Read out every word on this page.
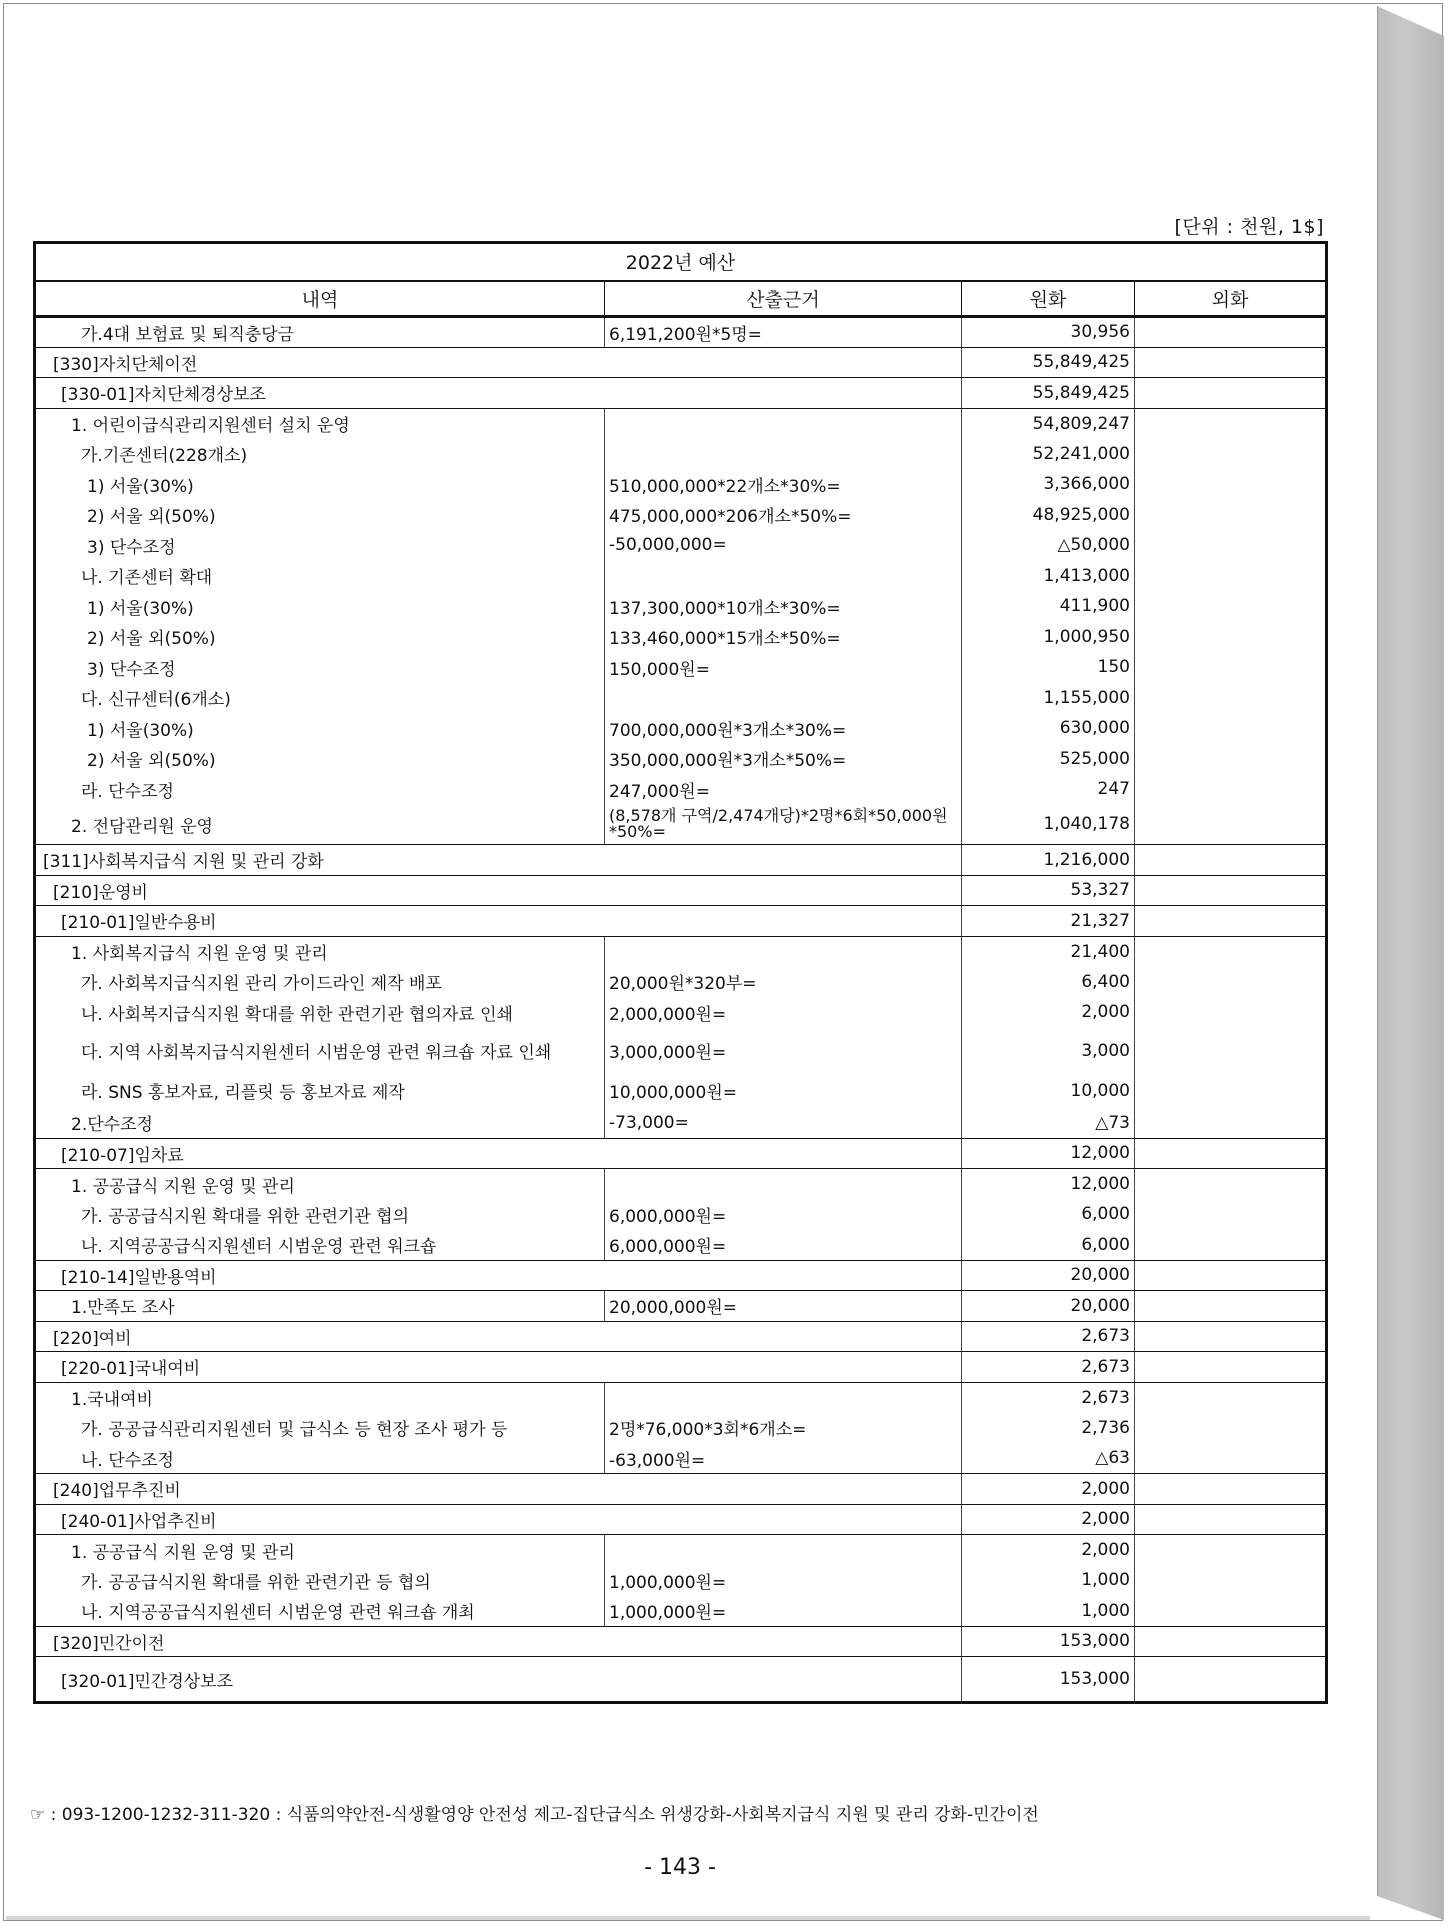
[단위 : 천원, 1$]
2022년 예산			
내역	산출근거	원화	외화
가.4대 보험료 및 퇴직충당금	6,191,200원*5명=	30,956	
[330]자치단체이전		55,849,425	
[330-01]자치단체경상보조		55,849,425	
1. 어린이급식관리지원센터 설치 운영		54,809,247	
가.기존센터(228개소)		52,241,000	
1) 서울(30%)	510,000,000*22개소*30%=	3,366,000	
2) 서울 외(50%)	475,000,000*206개소*50%=	48,925,000	
3) 단수조정	-50,000,000=	△50,000	
나. 기존센터 확대		1,413,000	
1) 서울(30%)	137,300,000*10개소*30%=	411,900	
2) 서울 외(50%)	133,460,000*15개소*50%=	1,000,950	
3) 단수조정	150,000원=	150	
다. 신규센터(6개소)		1,155,000	
1) 서울(30%)	700,000,000원*3개소*30%=	630,000	
2) 서울 외(50%)	350,000,000원*3개소*50%=	525,000	
라. 단수조정	247,000원=	247	
2. 전담관리원 운영	(8,578개 구역/2,474개당)*2명*6회*50,000원*50%=	1,040,178	
[311]사회복지급식 지원 및 관리 강화		1,216,000	
[210]운영비		53,327	
[210-01]일반수용비		21,327	
1. 사회복지급식 지원 운영 및 관리		21,400	
가. 사회복지급식지원 관리 가이드라인 제작 배포	20,000원*320부=	6,400	
나. 사회복지급식지원 확대를 위한 관련기관 협의자료 인쇄	2,000,000원=	2,000	
다. 지역 사회복지급식지원센터 시범운영 관련 워크숍 자료 인쇄	3,000,000원=	3,000	
라. SNS 홍보자료, 리플릿 등 홍보자료 제작	10,000,000원=	10,000	
2.단수조정	-73,000=	△73	
[210-07]임차료		12,000	
1. 공공급식 지원 운영 및 관리		12,000	
가. 공공급식지원 확대를 위한 관련기관 협의	6,000,000원=	6,000	
나. 지역공공급식지원센터 시범운영 관련 워크숍	6,000,000원=	6,000	
[210-14]일반용역비		20,000	
1.만족도 조사	20,000,000원=	20,000	
[220]여비		2,673	
[220-01]국내여비		2,673	
1.국내여비		2,673	
가. 공공급식관리지원센터 및 급식소 등 현장 조사 평가 등	2명*76,000*3회*6개소=	2,736	
나. 단수조정	-63,000원=	△63	
[240]업무추진비		2,000	
[240-01]사업추진비		2,000	
1. 공공급식 지원 운영 및 관리		2,000	
가. 공공급식지원 확대를 위한 관련기관 등 협의	1,000,000원=	1,000	
나. 지역공공급식지원센터 시범운영 관련 워크숍 개최	1,000,000원=	1,000	
[320]민간이전		153,000	
[320-01]민간경상보조		153,000	
☞ : 093-1200-1232-311-320 : 식품의약안전-식생활영양 안전성 제고-집단급식소 위생강화-사회복지급식 지원 및 관리 강화-민간이전
- 143 -
